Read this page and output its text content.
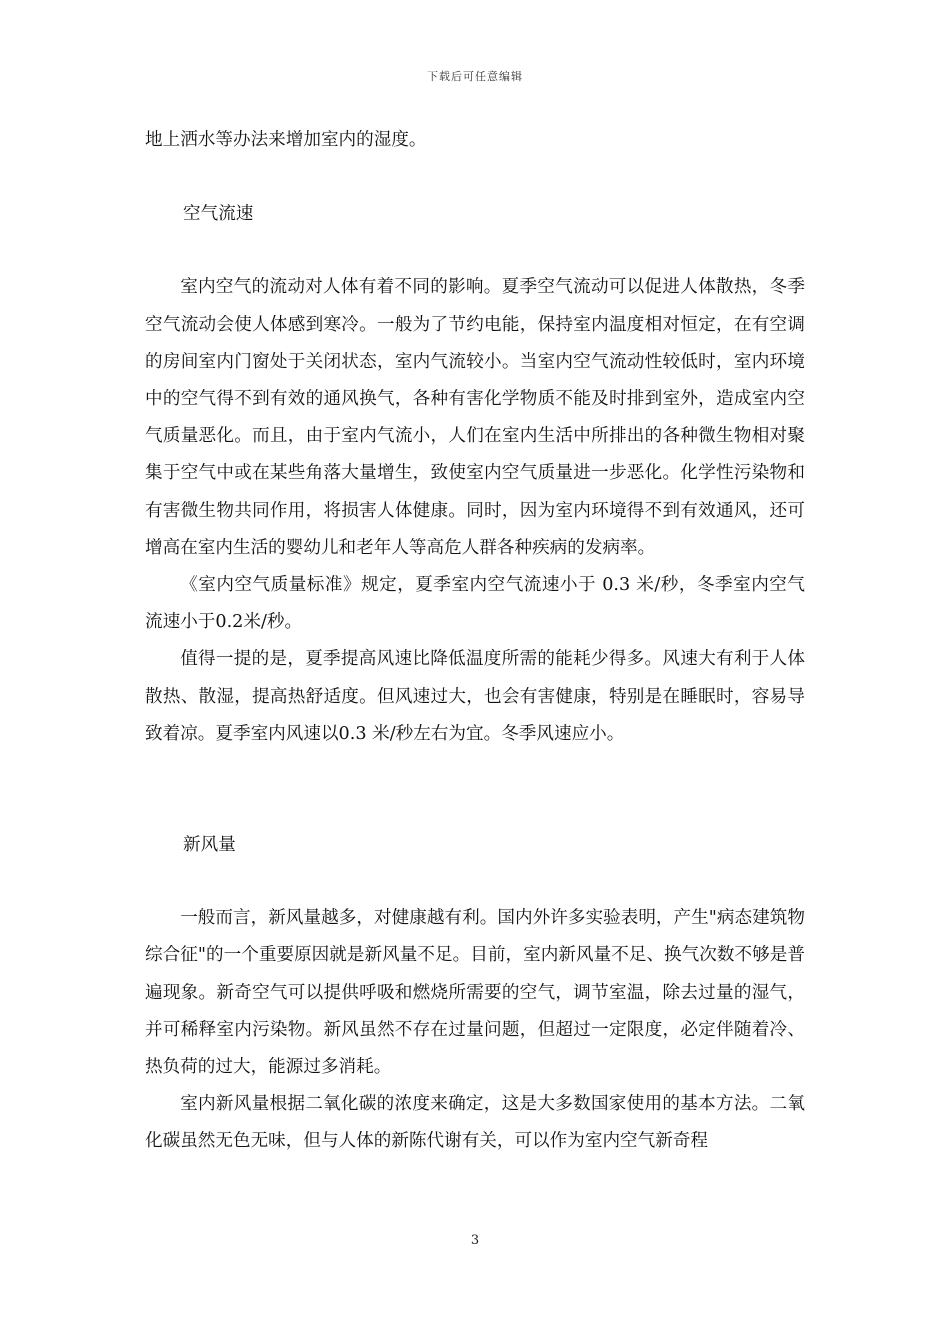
下载后可任意编辑

地上洒水等办法来增加室内的湿度。

空气流速

室内空气的流动对人体有着不同的影响。夏季空气流动可以促进人体散热，冬季空气流动会使人体感到寒冷。一般为了节约电能，保持室内温度相对恒定，在有空调的房间室内门窗处于关闭状态，室内气流较小。当室内空气流动性较低时，室内环境中的空气得不到有效的通风换气，各种有害化学物质不能及时排到室外，造成室内空气质量恶化。而且，由于室内气流小，人们在室内生活中所排出的各种微生物相对聚集于空气中或在某些角落大量增生，致使室内空气质量进一步恶化。化学性污染物和有害微生物共同作用，将损害人体健康。同时，因为室内环境得不到有效通风，还可增高在室内生活的婴幼儿和老年人等高危人群各种疾病的发病率。

《室内空气质量标准》规定，夏季室内空气流速小于 0.3 米/秒，冬季室内空气流速小于0.2米/秒。

值得一提的是，夏季提高风速比降低温度所需的能耗少得多。风速大有利于人体散热、散湿，提高热舒适度。但风速过大，也会有害健康，特别是在睡眠时，容易导致着凉。夏季室内风速以0.3 米/秒左右为宜。冬季风速应小。

新风量

一般而言，新风量越多，对健康越有利。国内外许多实验表明，产生"病态建筑物综合征"的一个重要原因就是新风量不足。目前，室内新风量不足、换气次数不够是普遍现象。新奇空气可以提供呼吸和燃烧所需要的空气，调节室温，除去过量的湿气，并可稀释室内污染物。新风虽然不存在过量问题，但超过一定限度，必定伴随着冷、热负荷的过大，能源过多消耗。

室内新风量根据二氧化碳的浓度来确定，这是大多数国家使用的基本方法。二氧化碳虽然无色无味，但与人体的新陈代谢有关，可以作为室内空气新奇程

3
